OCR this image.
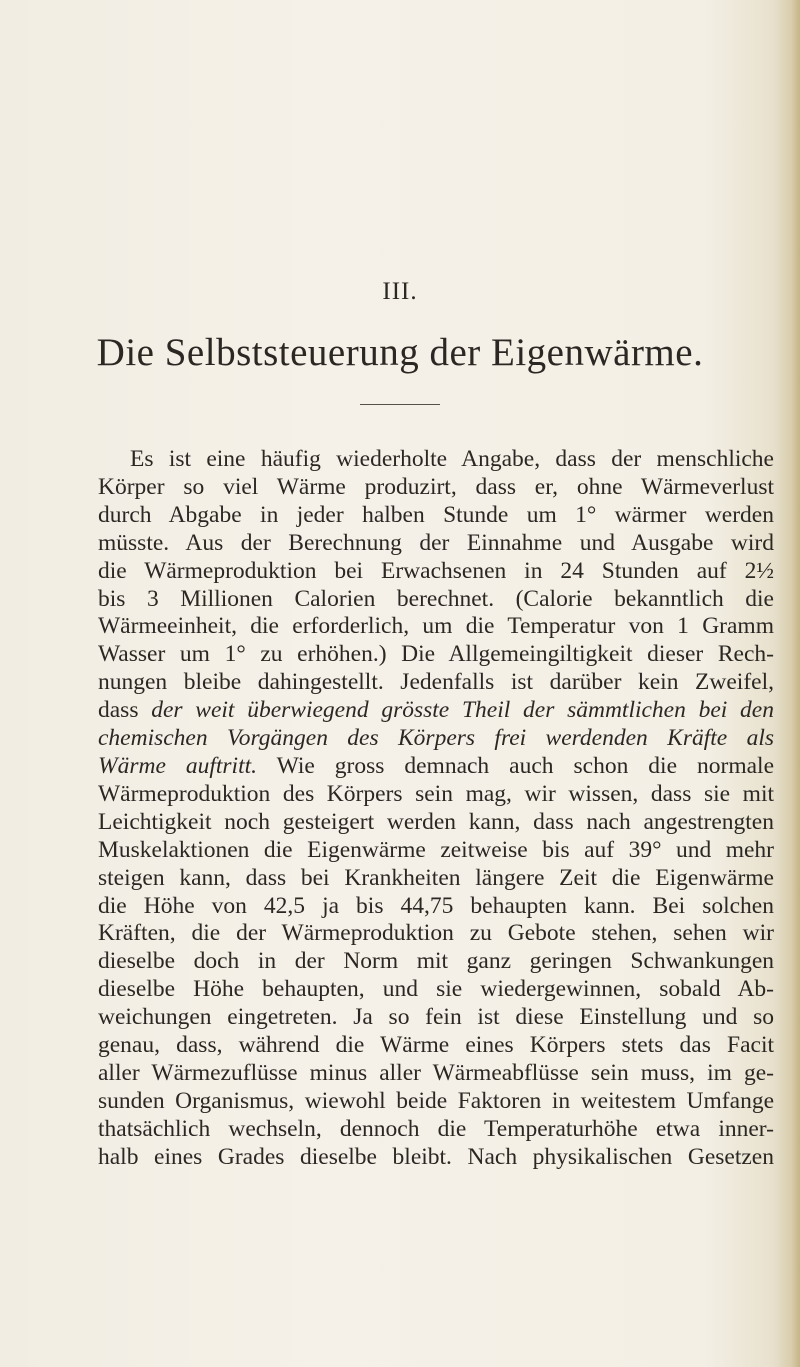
III.
Die Selbststeuerung der Eigenwärme.
Es ist eine häufig wiederholte Angabe, dass der menschliche
Körper so viel Wärme produzirt, dass er, ohne Wärmeverlust
durch Abgabe in jeder halben Stunde um 1° wärmer werden
müsste. Aus der Berechnung der Einnahme und Ausgabe wird
die Wärmeproduktion bei Erwachsenen in 24 Stunden auf 2½
bis 3 Millionen Calorien berechnet. (Calorie bekanntlich die
Wärmeeinheit, die erforderlich, um die Temperatur von 1 Gramm
Wasser um 1° zu erhöhen.) Die Allgemeingiltigkeit dieser Rech-
nungen bleibe dahingestellt. Jedenfalls ist darüber kein Zweifel,
dass der weit überwiegend grösste Theil der sämmtlichen bei den
chemischen Vorgängen des Körpers frei werdenden Kräfte als
Wärme auftritt. Wie gross demnach auch schon die normale
Wärmeproduktion des Körpers sein mag, wir wissen, dass sie mit
Leichtigkeit noch gesteigert werden kann, dass nach angestrengten
Muskelaktionen die Eigenwärme zeitweise bis auf 39° und mehr
steigen kann, dass bei Krankheiten längere Zeit die Eigenwärme
die Höhe von 42,5 ja bis 44,75 behaupten kann. Bei solchen
Kräften, die der Wärmeproduktion zu Gebote stehen, sehen wir
dieselbe doch in der Norm mit ganz geringen Schwankungen
dieselbe Höhe behaupten, und sie wiedergewinnen, sobald Ab-
weichungen eingetreten. Ja so fein ist diese Einstellung und so
genau, dass, während die Wärme eines Körpers stets das Facit
aller Wärmezuflüsse minus aller Wärmeabflüsse sein muss, im ge-
sunden Organismus, wiewohl beide Faktoren in weitestem Umfange
thatsächlich wechseln, dennoch die Temperaturhöhe etwa inner-
halb eines Grades dieselbe bleibt. Nach physikalischen Gesetzen
